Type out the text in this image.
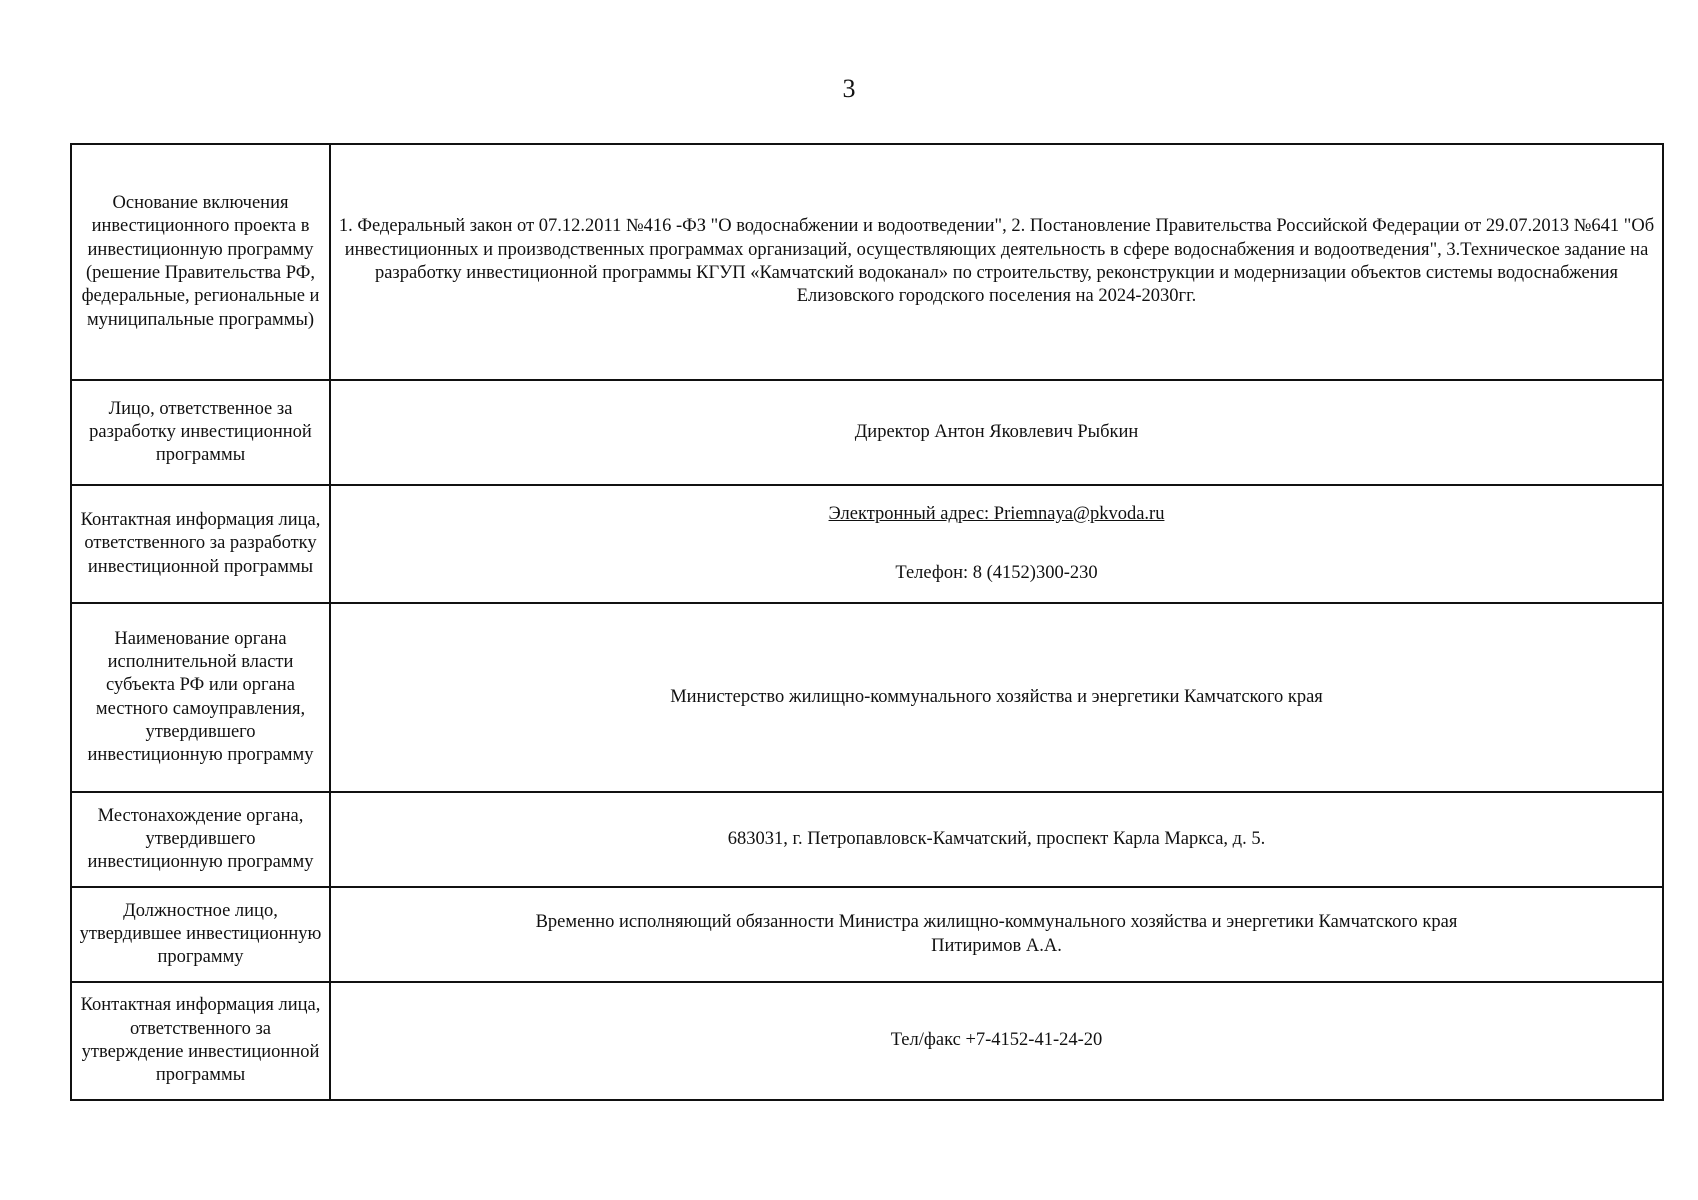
3
Основание включения инвестиционного проекта в инвестиционную программу (решение Правительства РФ, федеральные, региональные и муниципальные программы)	1. Федеральный закон от 07.12.2011 №416 -ФЗ "О водоснабжении и водоотведении", 2. Постановление Правительства Российской Федерации от 29.07.2013 №641 "Об инвестиционных и производственных программах организаций, осуществляющих деятельность в сфере водоснабжения и водоотведения", 3.Техническое задание на разработку инвестиционной программы КГУП «Камчатский водоканал» по строительству, реконструкции и модернизации объектов системы водоснабжения Елизовского городского поселения на 2024-2030гг.
Лицо, ответственное за разработку инвестиционной программы	Директор Антон Яковлевич Рыбкин
Контактная информация лица, ответственного за разработку инвестиционной программы	Электронный адрес: Priemnaya@pkvoda.ru
Телефон: 8 (4152)300-230

Наименование органа исполнительной власти субъекта РФ или органа местного самоуправления, утвердившего инвестиционную программу	Министерство жилищно-коммунального хозяйства и энергетики Камчатского края
Местонахождение органа, утвердившего инвестиционную программу	683031, г. Петропавловск-Камчатский, проспект Карла Маркса, д. 5.
Должностное лицо, утвердившее инвестиционную программу	Временно исполняющий обязанности Министра жилищно-коммунального хозяйства и энергетики Камчатского края
Питиримов А.А.

Контактная информация лица, ответственного за утверждение инвестиционной программы	Тел/факс +7-4152-41-24-20
